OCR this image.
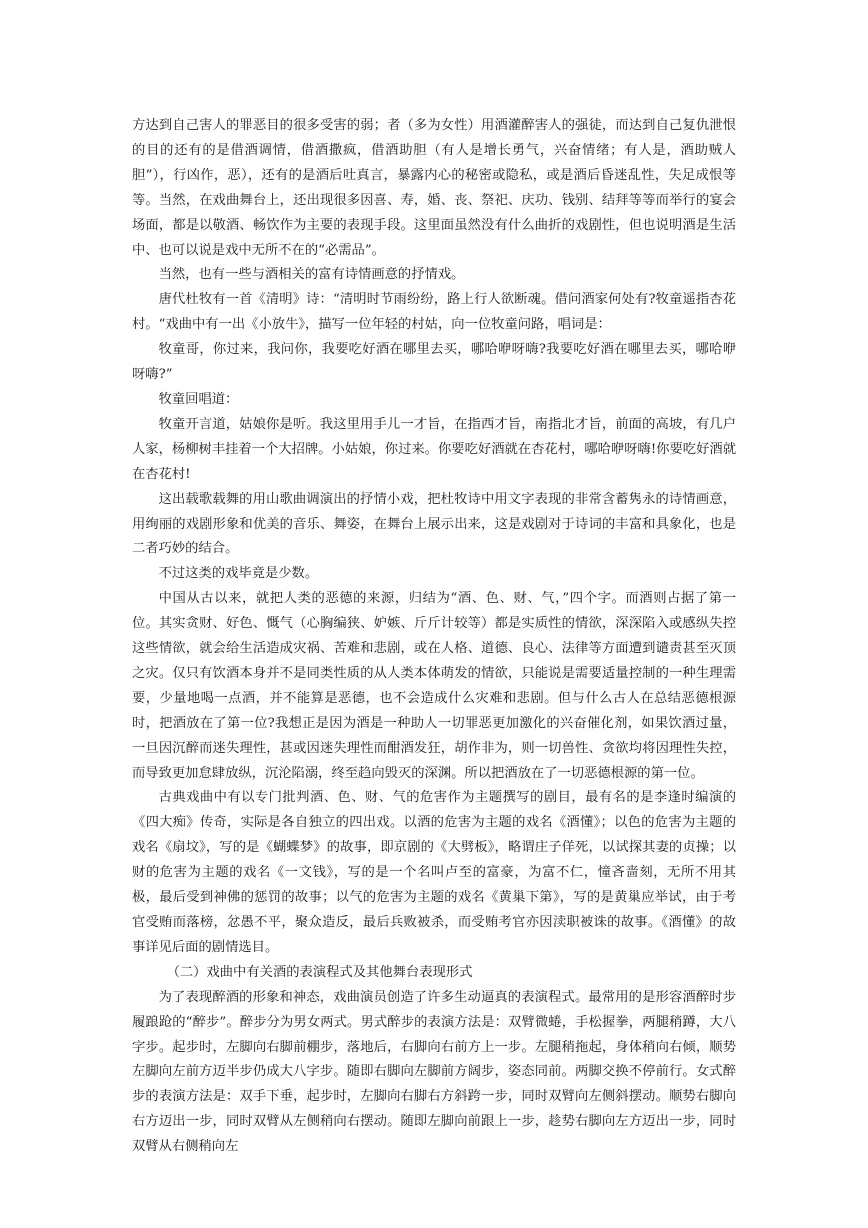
方达到自己害人的罪恶目的很多受害的弱；者（多为女性）用酒灌醉害人的强徒，而达到自己复仇泄恨的目的还有的是借酒调情，借酒撒疯，借酒助胆（有人是增长勇气，兴奋情绪；有人是，酒助贼人胆”），行凶作，恶），还有的是酒后吐真言，暴露内心的秘密或隐私，或是酒后昏迷乱性，失足成恨等等。当然，在戏曲舞台上，还出现很多因喜、寿，婚、丧、祭祀、庆功、钱别、结拜等等而举行的宴会场面，都是以敬酒、畅饮作为主要的表现手段。这里面虽然没有什么曲折的戏剧性，但也说明酒是生活中、也可以说是戏中无所不在的“必需品”。

当然，也有一些与酒相关的富有诗情画意的抒情戏。

唐代杜牧有一首《清明》诗：“清明时节雨纷纷，路上行人欲断魂。借问酒家何处有?牧童遥指杏花村。“戏曲中有一出《小放牛》，描写一位年轻的村姑，向一位牧童问路，唱词是：

牧童哥，你过来，我问你，我要吃好酒在哪里去买，哪哈咿呀嗨?我要吃好酒在哪里去买，哪哈咿呀嗨?”

牧童回唱道：

牧童开言道，姑娘你是听。我这里用手儿一才旨，在指西才旨，南指北才旨，前面的高坡，有几户人家，杨柳树丰挂着一个大招牌。小姑娘，你过来。你要吃好酒就在杏花村，哪哈咿呀嗨!你要吃好酒就在杏花村!

这出载歌载舞的用山歌曲调演出的抒情小戏，把杜牧诗中用文字表现的非常含蓄隽永的诗情画意，用绚丽的戏剧形象和优美的音乐、舞姿，在舞台上展示出来，这是戏剧对于诗词的丰富和具象化，也是二者巧妙的结合。

不过这类的戏毕竟是少数。

中国从古以来，就把人类的恶德的来源，归结为“酒、色、财、气，”四个字。而酒则占据了第一位。其实贪财、好色、慨气（心胸编狭、妒嫉、斤斤计较等）都是实质性的情欲，深深陷入或感纵失控这些情欲，就会给生活造成灾祸、苦难和悲剧，或在人格、道德、良心、法律等方面遭到谴责甚至灭顶之灾。仅只有饮酒本身并不是同类性质的从人类本体萌发的情欲，只能说是需要适量控制的一种生理需要，少量地喝一点酒，并不能算是恶德，也不会造成什么灾难和悲剧。但与什么古人在总结恶德根源时，把酒放在了第一位?我想正是因为酒是一种助人一切罪恶更加激化的兴奋催化剂，如果饮酒过量，一旦因沉醉而迷失理性，甚或因迷失理性而酣酒发狂，胡作非为，则一切兽性、贪欲均将因理性失控，而导致更加怠肆放纵，沉沦陷溺，终至趋向毁灭的深渊。所以把酒放在了一切恶德根源的第一位。

古典戏曲中有以专门批判酒、色、财、气的危害作为主题撰写的剧目，最有名的是李逢时编演的《四大痴》传奇，实际是各自独立的四出戏。以酒的危害为主题的戏名《酒懂》；以色的危害为主题的戏名《扇坟》，写的是《蝴蝶梦》的故事，即京剧的《大劈板》，略谓庄子佯死，以试探其妻的贞操；以财的危害为主题的戏名《一文钱》，写的是一个名叫卢至的富豪，为富不仁，憧吝啬刻，无所不用其极，最后受到神佛的惩罚的故事；以气的危害为主题的戏名《黄巢下第》，写的是黄巢应举试，由于考官受贿而落榜，忿愚不平，聚众造反，最后兵败被杀，而受贿考官亦因渎职被诛的故事。《酒懂》的故事详见后面的剧情选目。

（二）戏曲中有关酒的表演程式及其他舞台表现形式

为了表现醉酒的形象和神态，戏曲演员创造了许多生动逼真的表演程式。最常用的是形容酒醉时步履踉跄的“醉步”。醉步分为男女两式。男式醉步的表演方法是：双臂微蜷，手松握拳，两腿稍蹲，大八字步。起步时，左脚向右脚前棚步，落地后，右脚向右前方上一步。左腿稍拖起，身体稍向右倾，顺势左脚向左前方迈半步仍成大八字步。随即右脚向左脚前方阔步，姿态同前。两脚交换不停前行。女式醉步的表演方法是：双手下垂，起步时，左脚向右脚右方斜跨一步，同时双臂向左侧斜摆动。顺势右脚向右方迈出一步，同时双臂从左侧稍向右摆动。随即左脚向前跟上一步，趁势右脚向左方迈出一步，同时双臂从右侧稍向左
